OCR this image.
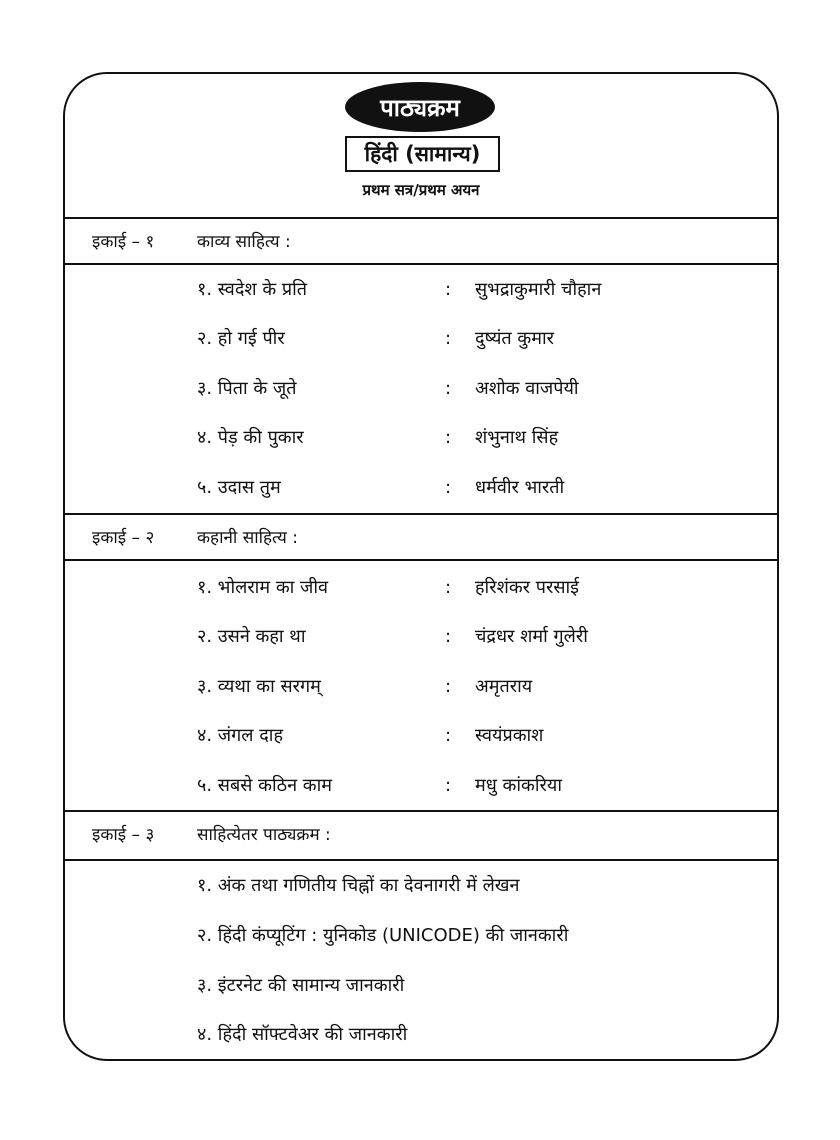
पाठ्यक्रम
हिंदी (सामान्य)
प्रथम सत्र/प्रथम अयन
इकाई – १	काव्य साहित्य :
१. स्वदेश के प्रति	:	सुभद्राकुमारी चौहान
२. हो गई पीर	:	दुष्यंत कुमार
३. पिता के जूते	:	अशोक वाजपेयी
४. पेड़ की पुकार	:	शंभुनाथ सिंह
५. उदास तुम	:	धर्मवीर भारती
इकाई – २	कहानी साहित्य :
१. भोलराम का जीव	:	हरिशंकर परसाई
२. उसने कहा था	:	चंद्रधर शर्मा गुलेरी
३. व्यथा का सरगम्	:	अमृतराय
४. जंगल दाह	:	स्वयंप्रकाश
५. सबसे कठिन काम	:	मधु कांकरिया
इकाई – ३	साहित्येतर पाठ्यक्रम :
१. अंक तथा गणितीय चिह्नों का देवनागरी में लेखन
२. हिंदी कंप्यूटिंग : युनिकोड (UNICODE) की जानकारी
३. इंटरनेट की सामान्य जानकारी
४. हिंदी सॉफ्टवेअर की जानकारी
